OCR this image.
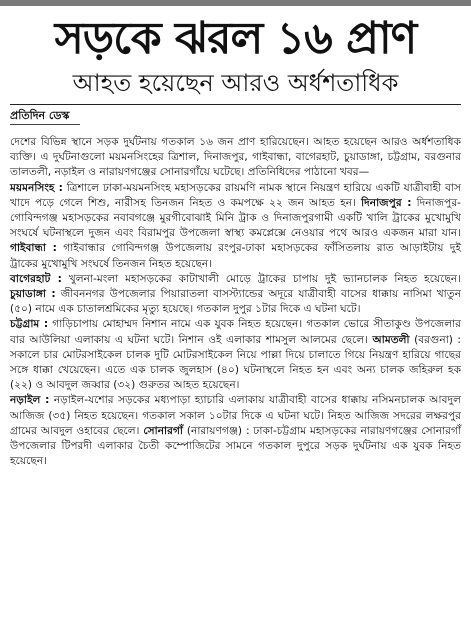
সড়কে ঝরল ১৬ প্রাণ
আহত হয়েছেন আরও অর্ধশতাধিক
প্রতিদিন ডেস্ক

দেশের বিভিন্ন স্থানে সড়ক দুর্ঘটনায় গতকাল ১৬ জন প্রাণ হারিয়েছেন। আহত হয়েছেন আরও অর্ধশতাধিক ব্যক্তি। এ দুর্ঘটনাগুলো ময়মনসিংহের ত্রিশাল, দিনাজপুর, গাইবান্ধা, বাগেরহাট, চুয়াডাঙ্গা, চট্টগ্রাম, বরগুনার তালতলী, নড়াইল ও নারায়ণগঞ্জের সোনারগাঁয়ে ঘটেছে। প্রতিনিধিদের পাঠানো খবর—

ময়মনসিংহ : ত্রিশালে ঢাকা-ময়মনসিংহ মহাসড়কের রায়মণি নামক স্থানে নিয়ন্ত্রণ হারিয়ে একটি যাত্রীবাহী বাস খাদে পড়ে গেলে শিশু, নারীসহ তিনজন নিহত ও কমপক্ষে ২২ জন আহত হন। দিনাজপুর : দিনাজপুর-গোবিন্দগঞ্জ মহাসড়কের নবাবগঞ্জে মুরগীবোঝাই মিনি ট্রাক ও দিনাজপুরগামী একটি খালি ট্রাকের মুখোমুখি সংঘর্ষে ঘটনাস্থলে দুজন এবং বিরামপুর উপজেলা স্বাস্থ্য কমপ্লেক্সে নেওয়ার পথে আরও একজন মারা যান। গাইবান্ধা : গাইবান্ধার গোবিন্দগঞ্জ উপজেলায় রংপুর-ঢাকা মহাসড়কের ফাঁসিতলায় রাত আড়াইটায় দুই ট্রাকের মুখোমুখি সংঘর্ষে তিনজন নিহত হয়েছেন।

বাগেরহাট : খুলনা-মংলা মহাসড়কের কাটাখালী মোড়ে ট্রাকের চাপায় দুই ভ্যানচালক নিহত হয়েছেন। চুয়াডাঙ্গা : জীবননগর উপজেলার পিয়ারাতলা বাসস্ট্যান্ডের অদূরে যাত্রীবাহী বাসের ধাক্কায় নাসিমা খাতুন (৫০) নামে এক চাতালশ্রমিকের মৃত্যু হয়েছে। গতকাল দুপুর ১টার দিকে এ ঘটনা ঘটে।

চট্টগ্রাম : গাড়িচাপায় মোহাম্মদ নিশান নামে এক যুবক নিহত হয়েছেন। গতকাল ভোরে সীতাকুণ্ড উপজেলার বার আউলিয়া এলাকায় এ ঘটনা ঘটে। নিশান ওই এলাকার শামসুল আলমের ছেলে। আমতলী (বরগুনা) : সকালে চার মোটরসাইকেল চালক দুটি মোটরসাইকেল নিয়ে পাল্লা দিয়ে চালাতে গিয়ে নিয়ন্ত্রণ হারিয়ে গাছের সঙ্গে ধাক্কা খেয়েছেন। এতে এক চালক জুলহাস (৪০) ঘটনাস্থলে নিহত হন এবং অন্য চালক জহিরুল হক (২২) ও আবদুল জব্বার (৩২) গুরুতর আহত হয়েছেন।

নড়াইল : নড়াইল-যশোর সড়কের মধ্যপাড়া হ্যাচারি এলাকায় যাত্রীবাহী বাসের ধাক্কায় নসিমনচালক আবদুল আজিজ (৩৫) নিহত হয়েছেন। গতকাল সকাল ১০টার দিকে এ ঘটনা ঘটে। নিহত আজিজ সদরের লক্ষরপুর গ্রামের আবদুল ওহাবের ছেলে। সোনারগাঁ (নারায়ণগঞ্জ) : ঢাকা-চট্টগ্রাম মহাসড়কের নারায়ণগঞ্জের সোনারগাঁ উপজেলার টিপরদী এলাকার চৈতী কম্পোজিটের সামনে গতকাল দুপুরে সড়ক দুর্ঘটনায় এক যুবক নিহত হয়েছেন।
